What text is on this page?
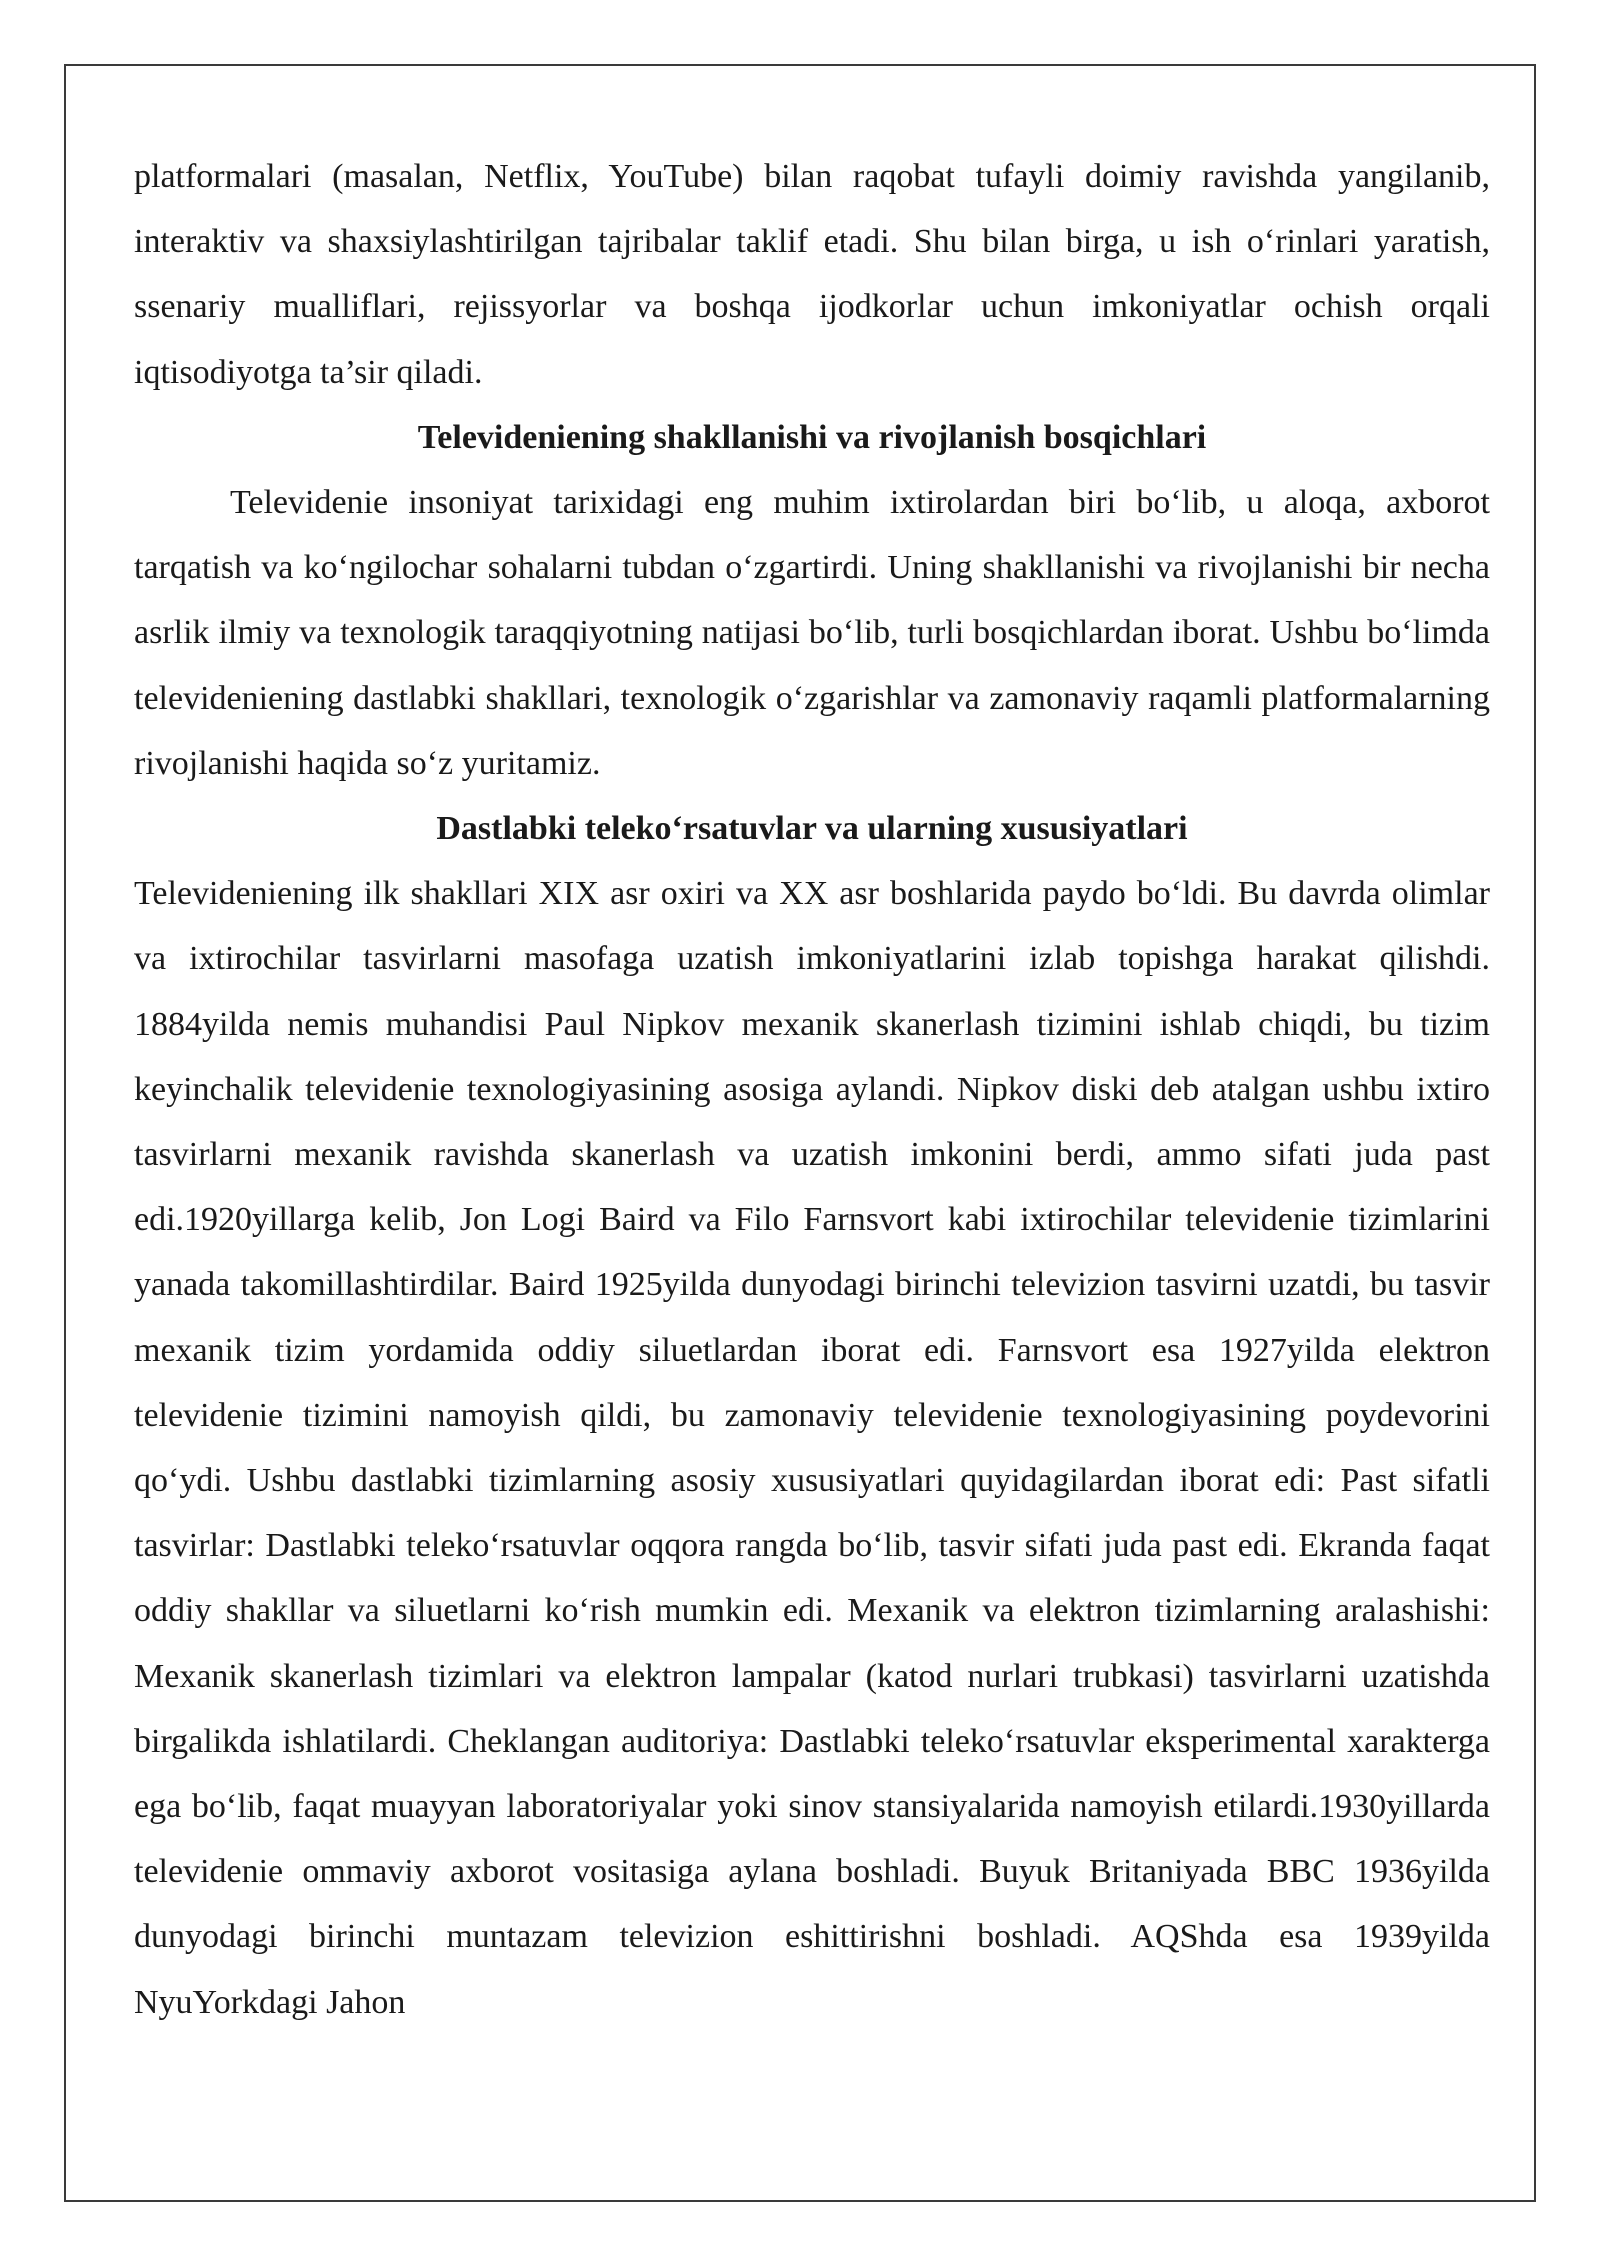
platformalari (masalan, Netflix, YouTube) bilan raqobat tufayli doimiy ravishda yangilanib, interaktiv va shaxsiylashtirilgan tajribalar taklif etadi. Shu bilan birga, u ish oʻrinlari yaratish, ssenariy mualliflari, rejissyorlar va boshqa ijodkorlar uchun imkoniyatlar ochish orqali iqtisodiyotga ta’sir qiladi.

Televideniening shakllanishi va rivojlanish bosqichlari

Televidenie insoniyat tarixidagi eng muhim ixtirolardan biri boʻlib, u aloqa, axborot tarqatish va koʻngilochar sohalarni tubdan oʻzgartirdi. Uning shakllanishi va rivojlanishi bir necha asrlik ilmiy va texnologik taraqqiyotning natijasi boʻlib, turli bosqichlardan iborat. Ushbu boʻlimda televideniening dastlabki shakllari, texnologik oʻzgarishlar va zamonaviy raqamli platformalarning rivojlanishi haqida soʻz yuritamiz.

Dastlabki telekoʻrsatuvlar va ularning xususiyatlari

Televideniening ilk shakllari XIX asr oxiri va XX asr boshlarida paydo boʻldi. Bu davrda olimlar va ixtirochilar tasvirlarni masofaga uzatish imkoniyatlarini izlab topishga harakat qilishdi. 1884yilda nemis muhandisi Paul Nipkov mexanik skanerlash tizimini ishlab chiqdi, bu tizim keyinchalik televidenie texnologiyasining asosiga aylandi. Nipkov diski deb atalgan ushbu ixtiro tasvirlarni mexanik ravishda skanerlash va uzatish imkonini berdi, ammo sifati juda past edi.1920yillarga kelib, Jon Logi Baird va Filo Farnsvort kabi ixtirochilar televidenie tizimlarini yanada takomillashtirdilar. Baird 1925yilda dunyodagi birinchi televizion tasvirni uzatdi, bu tasvir mexanik tizim yordamida oddiy siluetlardan iborat edi. Farnsvort esa 1927yilda elektron televidenie tizimini namoyish qildi, bu zamonaviy televidenie texnologiyasining poydevorini qoʻydi. Ushbu dastlabki tizimlarning asosiy xususiyatlari quyidagilardan iborat edi: Past sifatli tasvirlar: Dastlabki telekoʻrsatuvlar oqqora rangda boʻlib, tasvir sifati juda past edi. Ekranda faqat oddiy shakllar va siluetlarni koʻrish mumkin edi. Mexanik va elektron tizimlarning aralashishi: Mexanik skanerlash tizimlari va elektron lampalar (katod nurlari trubkasi) tasvirlarni uzatishda birgalikda ishlatilardi. Cheklangan auditoriya: Dastlabki telekoʻrsatuvlar eksperimental xarakterga ega boʻlib, faqat muayyan laboratoriyalar yoki sinov stansiyalarida namoyish etilardi.1930yillarda televidenie ommaviy axborot vositasiga aylana boshladi. Buyuk Britaniyada BBC 1936yilda dunyodagi birinchi muntazam televizion eshittirishni boshladi. AQShda esa 1939yilda NyuYorkdagi Jahon
